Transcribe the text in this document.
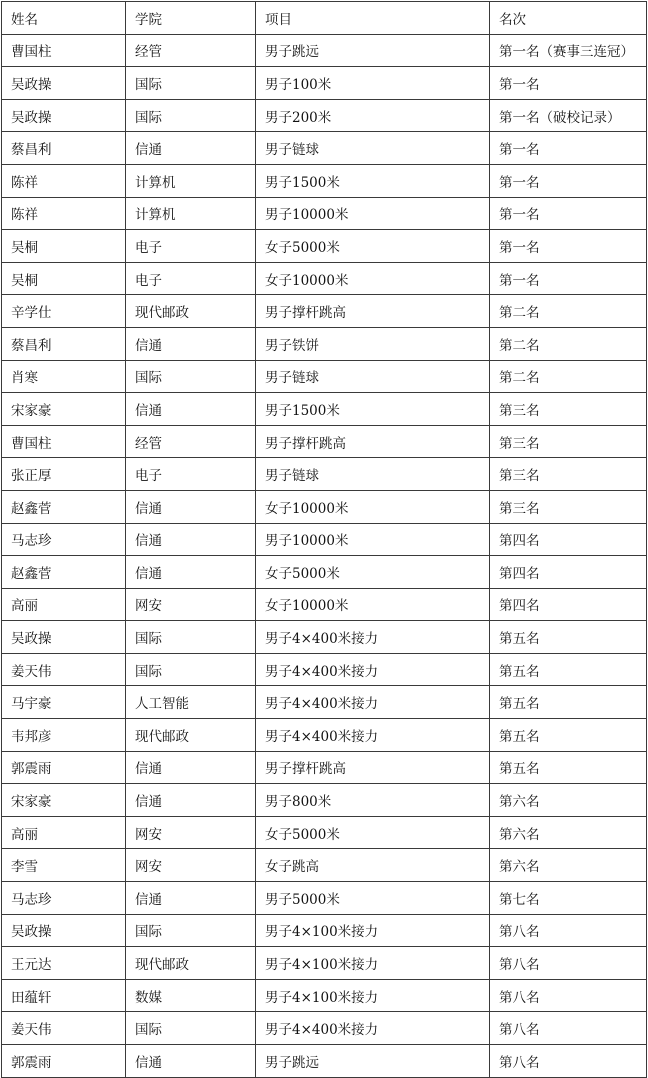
姓名	学院	项目	名次
曹国柱	经管	男子跳远	第一名（赛事三连冠）
吴政操	国际	男子100米	第一名
吴政操	国际	男子200米	第一名（破校记录）
蔡昌利	信通	男子链球	第一名
陈祥	计算机	男子1500米	第一名
陈祥	计算机	男子10000米	第一名
吴桐	电子	女子5000米	第一名
吴桐	电子	女子10000米	第一名
辛学仕	现代邮政	男子撑杆跳高	第二名
蔡昌利	信通	男子铁饼	第二名
肖寒	国际	男子链球	第二名
宋家豪	信通	男子1500米	第三名
曹国柱	经管	男子撑杆跳高	第三名
张正厚	电子	男子链球	第三名
赵鑫菅	信通	女子10000米	第三名
马志珍	信通	男子10000米	第四名
赵鑫菅	信通	女子5000米	第四名
高丽	网安	女子10000米	第四名
吴政操	国际	男子4×400米接力	第五名
姜天伟	国际	男子4×400米接力	第五名
马宇豪	人工智能	男子4×400米接力	第五名
韦邦彦	现代邮政	男子4×400米接力	第五名
郭震雨	信通	男子撑杆跳高	第五名
宋家豪	信通	男子800米	第六名
高丽	网安	女子5000米	第六名
李雪	网安	女子跳高	第六名
马志珍	信通	男子5000米	第七名
吴政操	国际	男子4×100米接力	第八名
王元达	现代邮政	男子4×100米接力	第八名
田蕴轩	数媒	男子4×100米接力	第八名
姜天伟	国际	男子4×400米接力	第八名
郭震雨	信通	男子跳远	第八名
